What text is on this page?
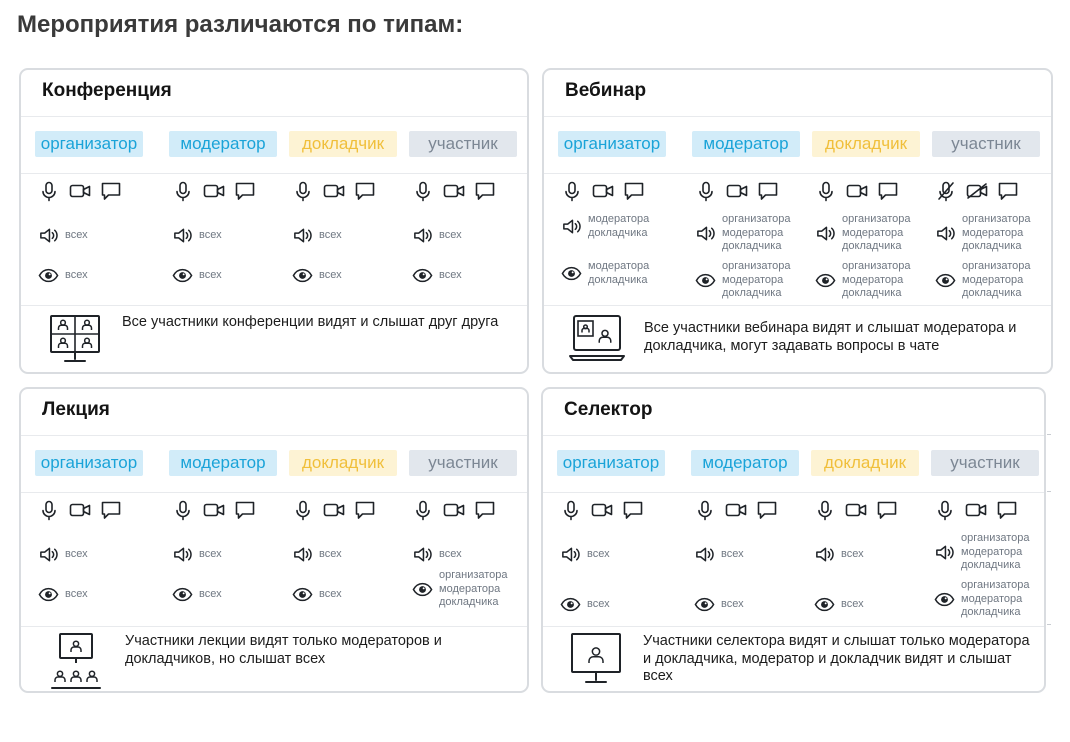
Мероприятия различаются по типам:
Конференция
организатор
всех
всех
модератор
всех
всех
докладчик
всех
всех
участник
всех
всех
Все участники конференции видят и слышат друг друга
Вебинар
организатор
модератора
докладчика
модератора
докладчика
модератор
организатора
модератора
докладчика
организатора
модератора
докладчика
докладчик
организатора
модератора
докладчика
организатора
модератора
докладчика
участник
организатора
модератора
докладчика
организатора
модератора
докладчика
Все участники вебинара видят и слышат модератора и докладчика, могут задавать вопросы в чате
Лекция
организатор
всех
всех
модератор
всех
всех
докладчик
всех
всех
участник
всех
организатора
модератора
докладчика
Участники лекции видят только модераторов и докладчиков, но слышат всех
Селектор
организатор
всех
всех
модератор
всех
всех
докладчик
всех
всех
участник
организатора
модератора
докладчика
организатора
модератора
докладчика
Участники селектора видят и слышат только модератора и докладчика, модератор и докладчик видят и слышат всех
